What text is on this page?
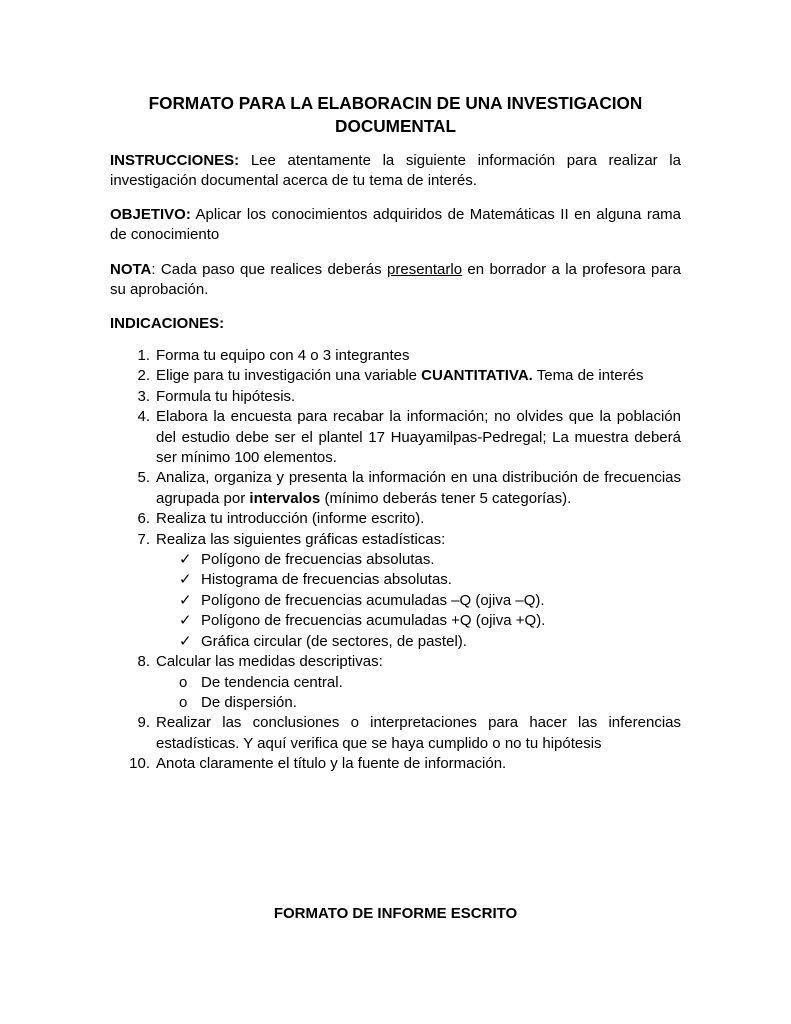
FORMATO PARA LA ELABORACIN DE UNA INVESTIGACION DOCUMENTAL

INSTRUCCIONES: Lee atentamente la siguiente información para realizar la investigación documental acerca de tu tema de interés.

OBJETIVO: Aplicar los conocimientos adquiridos de Matemáticas II en alguna rama de conocimiento

NOTA: Cada paso que realices deberás presentarlo en borrador a la profesora para su aprobación.

INDICACIONES:
1. Forma tu equipo con 4 o 3 integrantes
2. Elige para tu investigación una variable CUANTITATIVA. Tema de interés
3. Formula tu hipótesis.
4. Elabora la encuesta para recabar la información; no olvides que la población del estudio debe ser el plantel 17 Huayamilpas-Pedregal; La muestra deberá ser mínimo 100 elementos.
5. Analiza, organiza y presenta la información en una distribución de frecuencias agrupada por intervalos (mínimo deberás tener 5 categorías).
6. Realiza tu introducción (informe escrito).
7. Realiza las siguientes gráficas estadísticas:
✓ Polígono de frecuencias absolutas.
✓ Histograma de frecuencias absolutas.
✓ Polígono de frecuencias acumuladas –Q (ojiva –Q).
✓ Polígono de frecuencias acumuladas +Q (ojiva +Q).
✓ Gráfica circular (de sectores, de pastel).
8. Calcular las medidas descriptivas:
o De tendencia central.
o De dispersión.
9. Realizar las conclusiones o interpretaciones para hacer las inferencias estadísticas. Y aquí verifica que se haya cumplido o no tu hipótesis
10. Anota claramente el título y la fuente de información.
FORMATO DE INFORME ESCRITO
